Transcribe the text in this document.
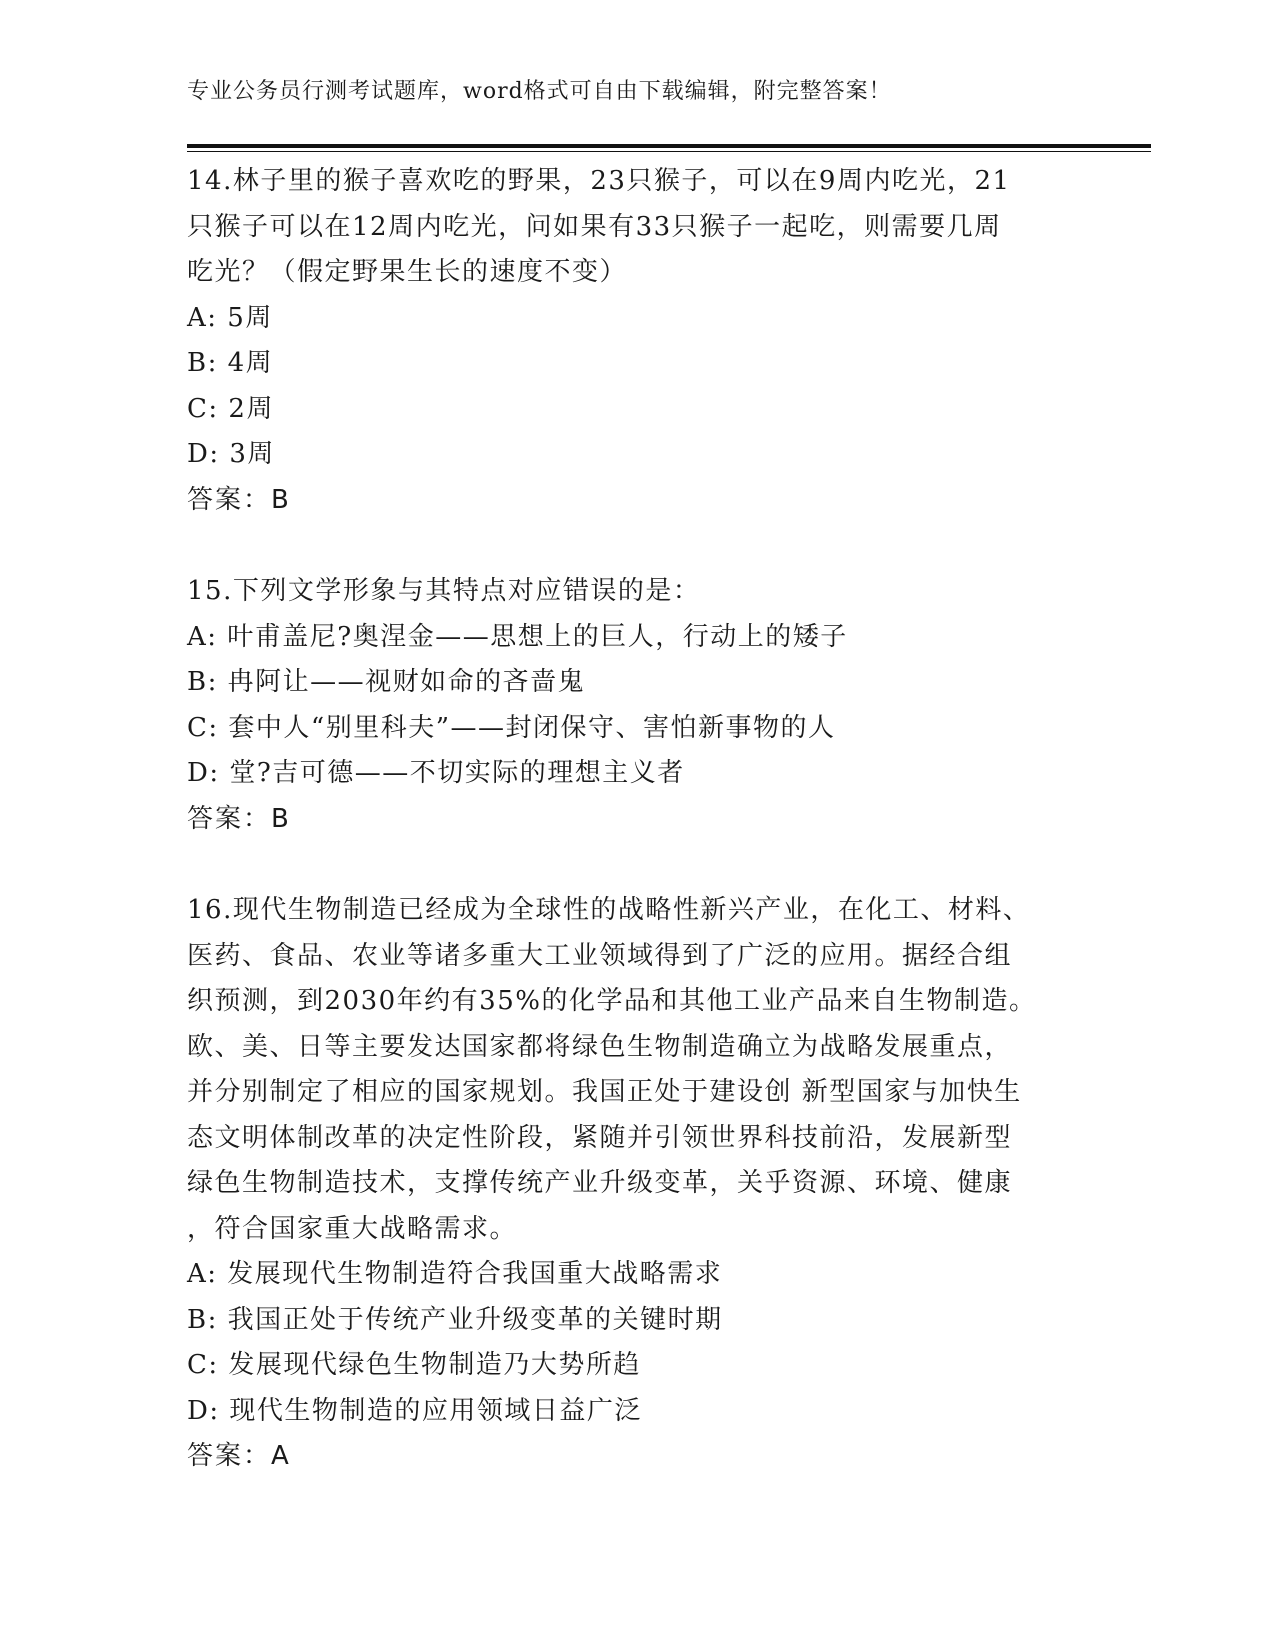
专业公务员行测考试题库，word格式可自由下载编辑，附完整答案！
14.林子里的猴子喜欢吃的野果，23只猴子，可以在9周内吃光，21
只猴子可以在12周内吃光，问如果有33只猴子一起吃，则需要几周
吃光？（假定野果生长的速度不变）
A: 5周
B: 4周
C: 2周
D: 3周
答案：B
15.下列文学形象与其特点对应错误的是：
A: 叶甫盖尼?奥涅金——思想上的巨人，行动上的矮子
B: 冉阿让——视财如命的吝啬鬼
C: 套中人“别里科夫”——封闭保守、害怕新事物的人
D: 堂?吉可德——不切实际的理想主义者
答案：B
16.现代生物制造已经成为全球性的战略性新兴产业，在化工、材料、
医药、食品、农业等诸多重大工业领域得到了广泛的应用。据经合组
织预测，到2030年约有35%的化学品和其他工业产品来自生物制造。
欧、美、日等主要发达国家都将绿色生物制造确立为战略发展重点，
并分别制定了相应的国家规划。我国正处于建设创 新型国家与加快生
态文明体制改革的决定性阶段，紧随并引领世界科技前沿，发展新型
绿色生物制造技术，支撑传统产业升级变革，关乎资源、环境、健康
，符合国家重大战略需求。
A: 发展现代生物制造符合我国重大战略需求
B: 我国正处于传统产业升级变革的关键时期
C: 发展现代绿色生物制造乃大势所趋
D: 现代生物制造的应用领域日益广泛
答案：A
